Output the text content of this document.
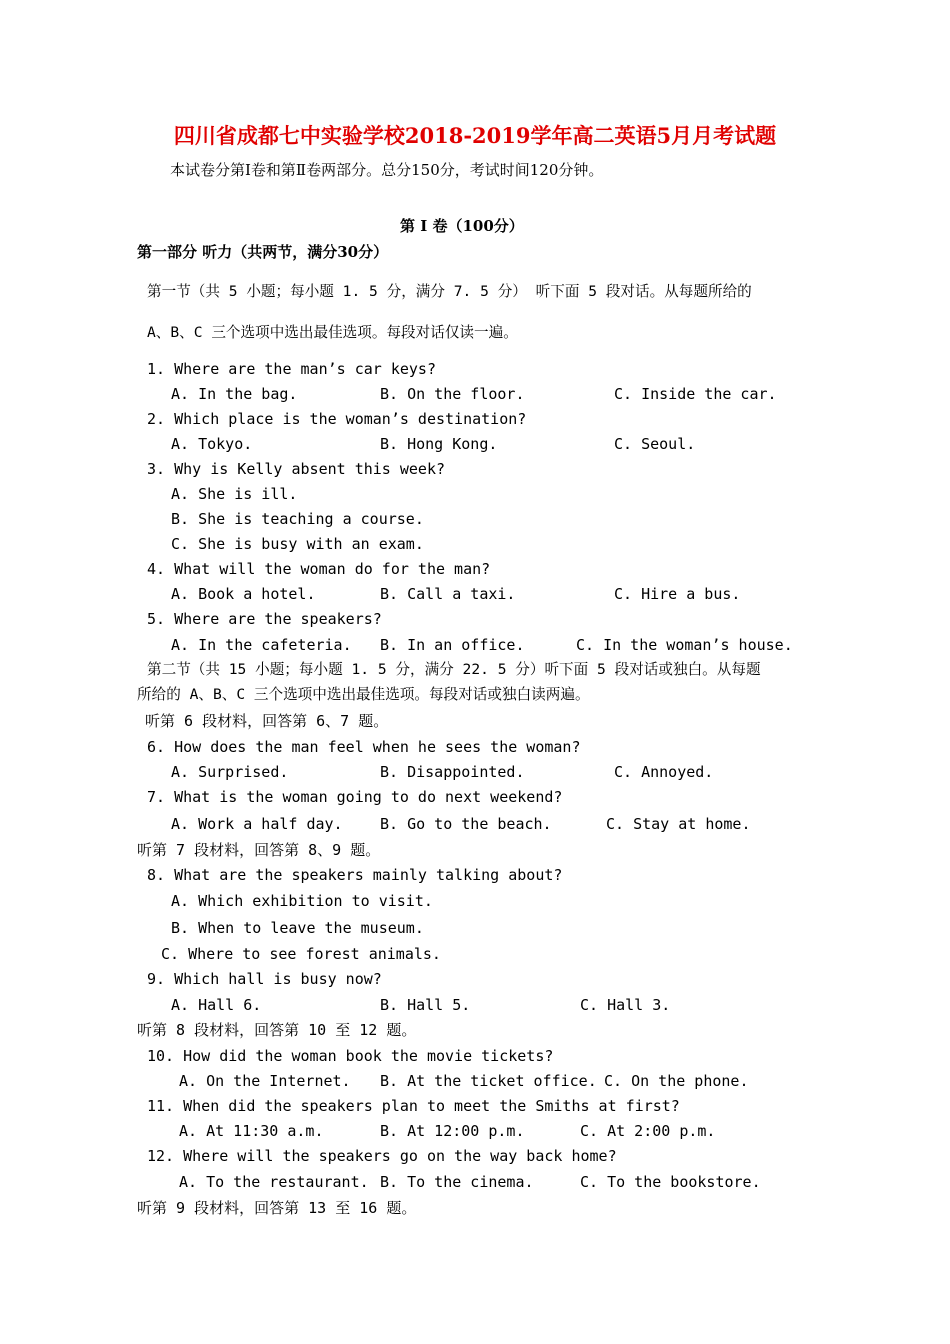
四川省成都七中实验学校2018-2019学年高二英语5月月考试题
本试卷分第Ⅰ卷和第Ⅱ卷两部分。总分150分，考试时间120分钟。
第 Ⅰ 卷（100分）
第一部分 听力（共两节，满分30分）
第一节（共 5 小题；每小题 1. 5 分，满分 7. 5 分） 听下面 5 段对话。从每题所给的
A、B、C 三个选项中选出最佳选项。每段对话仅读一遍。
1. Where are the man’s car keys?
A. In the bag.	B. On the floor.	C. Inside the car.
2. Which place is the woman’s destination?
A. Tokyo.	B. Hong Kong.	C. Seoul.
3. Why is Kelly absent this week?
A. She is ill.
B. She is teaching a course.
C. She is busy with an exam.
4. What will the woman do for the man?
A. Book a hotel.	B. Call a taxi.	C. Hire a bus.
5. Where are the speakers?
A. In the cafeteria. B. In an office.	C. In the woman’s house.
第二节（共 15 小题；每小题 1. 5 分，满分 22. 5 分）听下面 5 段对话或独白。从每题
所给的 A、B、C 三个选项中选出最佳选项。每段对话或独白读两遍。
听第 6 段材料，回答第 6、7 题。
6. How does the man feel when he sees the woman?
A. Surprised.	B. Disappointed.	C. Annoyed.
7. What is the woman going to do next weekend?
A. Work a half day. B. Go to the beach.	C. Stay at home.
听第 7 段材料，回答第 8、9 题。
8. What are the speakers mainly talking about?
A. Which exhibition to visit.
B. When to leave the museum.
C. Where to see forest animals.
9. Which hall is busy now?
A. Hall 6.	B. Hall 5.	C. Hall 3.
听第 8 段材料，回答第 10 至 12 题。
10. How did the woman book the movie tickets?
A. On the Internet. B. At the ticket office. C. On the phone.
11. When did the speakers plan to meet the Smiths at first?
A. At 11:30 a.m.	B. At 12:00 p.m.	C. At 2:00 p.m.
12. Where will the speakers go on the way back home?
A. To the restaurant. B. To the cinema.	C. To the bookstore.
听第 9 段材料，回答第 13 至 16 题。
